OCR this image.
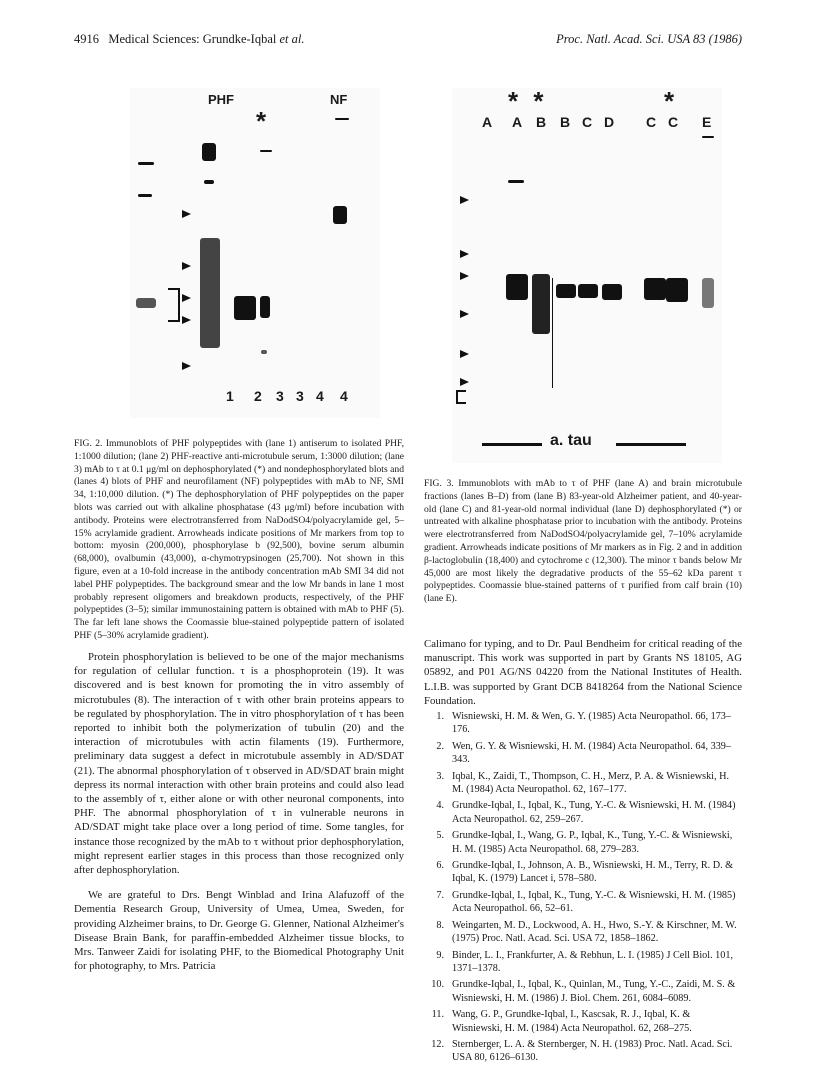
4916 Medical Sciences: Grundke-Iqbal et al.	Proc. Natl. Acad. Sci. USA 83 (1986)
PHF	NF
*
1 2 3 3 4 4
FIG. 2. Immunoblots of PHF polypeptides with (lane 1) antiserum to isolated PHF, 1:1000 dilution; (lane 2) PHF-reactive anti-microtubule serum, 1:3000 dilution; (lane 3) mAb to τ at 0.1 μg/ml on dephosphorylated (*) and nondephosphorylated blots and (lanes 4) blots of PHF and neurofilament (NF) polypeptides with mAb to NF, SMI 34, 1:10,000 dilution. (*) The dephosphorylation of PHF polypeptides on the paper blots was carried out with alkaline phosphatase (43 μg/ml) before incubation with antibody. Proteins were electrotransferred from NaDodSO4/polyacrylamide gel, 5–15% acrylamide gradient. Arrowheads indicate positions of Mr markers from top to bottom: myosin (200,000), phosphorylase b (92,500), bovine serum albumin (68,000), ovalbumin (43,000), α-chymotrypsinogen (25,700). Not shown in this figure, even at a 10-fold increase in the antibody concentration mAb SMI 34 did not label PHF polypeptides. The background smear and the low Mr bands in lane 1 most probably represent oligomers and breakdown products, respectively, of the PHF polypeptides (3–5); similar immunostaining pattern is obtained with mAb to PHF (5). The far left lane shows the Coomassie blue-stained polypeptide pattern of isolated PHF (5–30% acrylamide gradient).
* *	*
A A B B C D C C E
a. tau
FIG. 3. Immunoblots with mAb to τ of PHF (lane A) and brain microtubule fractions (lanes B–D) from (lane B) 83-year-old Alzheimer patient, and 40-year-old (lane C) and 81-year-old normal individual (lane D) dephosphorylated (*) or untreated with alkaline phosphatase prior to incubation with the antibody. Proteins were electrotransferred from NaDodSO4/polyacrylamide gel, 7–10% acrylamide gradient. Arrowheads indicate positions of Mr markers as in Fig. 2 and in addition β-lactoglobulin (18,400) and cytochrome c (12,300). The minor τ bands below Mr 45,000 are most likely the degradative products of the 55–62 kDa parent τ polypeptides. Coomassie blue-stained patterns of τ purified from calf brain (10) (lane E).

Protein phosphorylation is believed to be one of the major mechanisms for regulation of cellular function. τ is a phosphoprotein (19). It was discovered and is best known for promoting the in vitro assembly of microtubules (8). The interaction of τ with other brain proteins appears to be regulated by phosphorylation. The in vitro phosphorylation of τ has been reported to inhibit both the polymerization of tubulin (20) and the interaction of microtubules with actin filaments (19). Furthermore, preliminary data suggest a defect in microtubule assembly in AD/SDAT (21). The abnormal phosphorylation of τ observed in AD/SDAT brain might depress its normal interaction with other brain proteins and could also lead to the assembly of τ, either alone or with other neuronal components, into PHF. The abnormal phosphorylation of τ in vulnerable neurons in AD/SDAT might take place over a long period of time. Some tangles, for instance those recognized by the mAb to τ without prior dephosphorylation, might represent earlier stages in this process than those recognized only after dephosphorylation.

We are grateful to Drs. Bengt Winblad and Irina Alafuzoff of the Dementia Research Group, University of Umea, Umea, Sweden, for providing Alzheimer brains, to Dr. George G. Glenner, National Alzheimer's Disease Brain Bank, for paraffin-embedded Alzheimer tissue blocks, to Mrs. Tanweer Zaidi for isolating PHF, to the Biomedical Photography Unit for photography, to Mrs. Patricia

Calimano for typing, and to Dr. Paul Bendheim for critical reading of the manuscript. This work was supported in part by Grants NS 18105, AG 05892, and P01 AG/NS 04220 from the National Institutes of Health. L.I.B. was supported by Grant DCB 8418264 from the National Science Foundation.
1. Wisniewski, H. M. & Wen, G. Y. (1985) Acta Neuropathol. 66, 173–176.
2. Wen, G. Y. & Wisniewski, H. M. (1984) Acta Neuropathol. 64, 339–343.
3. Iqbal, K., Zaidi, T., Thompson, C. H., Merz, P. A. & Wisniewski, H. M. (1984) Acta Neuropathol. 62, 167–177.
4. Grundke-Iqbal, I., Iqbal, K., Tung, Y.-C. & Wisniewski, H. M. (1984) Acta Neuropathol. 62, 259–267.
5. Grundke-Iqbal, I., Wang, G. P., Iqbal, K., Tung, Y.-C. & Wisniewski, H. M. (1985) Acta Neuropathol. 68, 279–283.
6. Grundke-Iqbal, I., Johnson, A. B., Wisniewski, H. M., Terry, R. D. & Iqbal, K. (1979) Lancet i, 578–580.
7. Grundke-Iqbal, I., Iqbal, K., Tung, Y.-C. & Wisniewski, H. M. (1985) Acta Neuropathol. 66, 52–61.
8. Weingarten, M. D., Lockwood, A. H., Hwo, S.-Y. & Kirschner, M. W. (1975) Proc. Natl. Acad. Sci. USA 72, 1858–1862.
9. Binder, L. I., Frankfurter, A. & Rebhun, L. I. (1985) J Cell Biol. 101, 1371–1378.
10. Grundke-Iqbal, I., Iqbal, K., Quinlan, M., Tung, Y.-C., Zaidi, M. S. & Wisniewski, H. M. (1986) J. Biol. Chem. 261, 6084–6089.
11. Wang, G. P., Grundke-Iqbal, I., Kascsak, R. J., Iqbal, K. & Wisniewski, H. M. (1984) Acta Neuropathol. 62, 268–275.
12. Sternberger, L. A. & Sternberger, N. H. (1983) Proc. Natl. Acad. Sci. USA 80, 6126–6130.
